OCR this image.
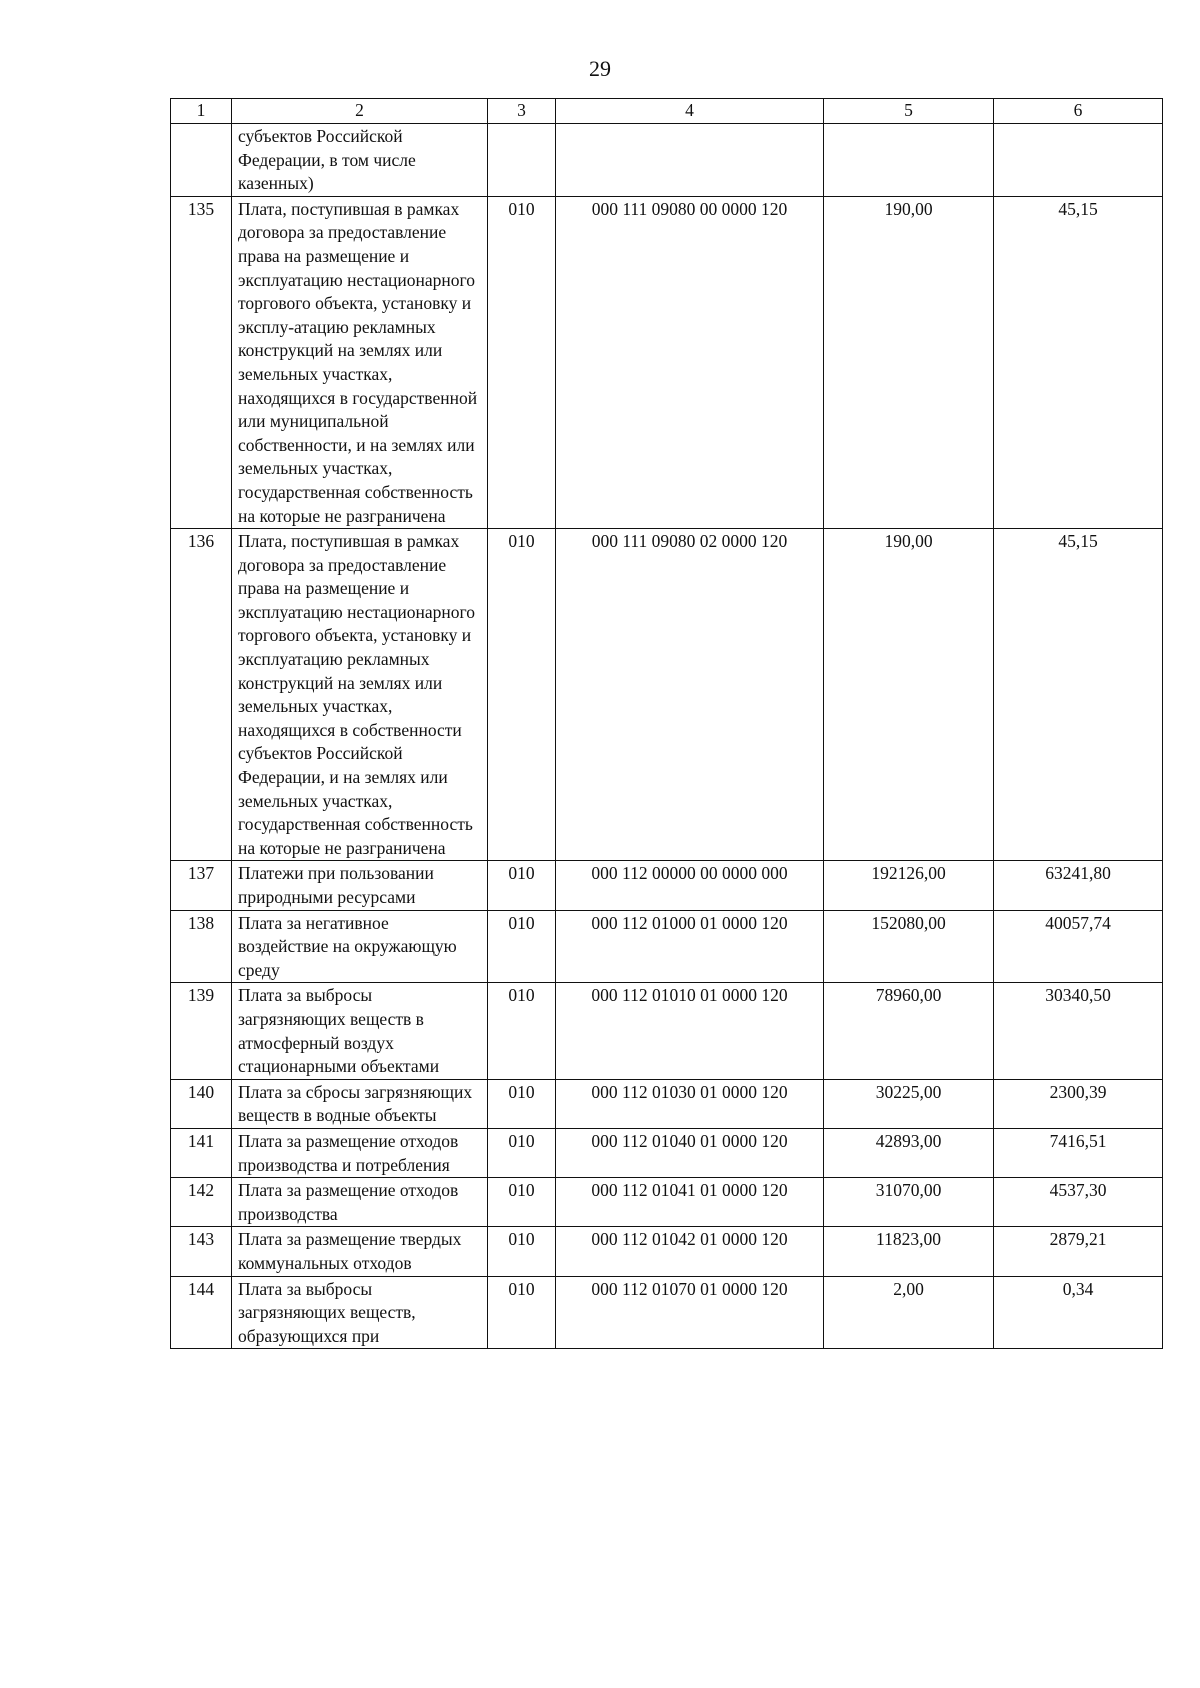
29
1	2	3	4	5	6
	субъектов Российской Федерации, в том числе казенных)				
135	Плата, поступившая в рамках договора за предоставление права на размещение и эксплуатацию нестационарного торгового объекта, установку и эксплу-атацию рекламных конструкций на землях или земельных участках, находящихся в государственной или муниципальной собственности, и на землях или земельных участках, государственная собственность на которые не разграничена	010	000 111 09080 00 0000 120	190,00	45,15
136	Плата, поступившая в рамках договора за предоставление права на размещение и эксплуатацию нестационарного торгового объекта, установку и эксплуатацию рекламных конструкций на землях или земельных участках, находящихся в собственности субъектов Российской Федерации, и на землях или земельных участках, государственная собственность на которые не разграничена	010	000 111 09080 02 0000 120	190,00	45,15
137	Платежи при пользовании природными ресурсами	010	000 112 00000 00 0000 000	192126,00	63241,80
138	Плата за негативное воздействие на окружающую среду	010	000 112 01000 01 0000 120	152080,00	40057,74
139	Плата за выбросы загрязняющих веществ в атмосферный воздух стационарными объектами	010	000 112 01010 01 0000 120	78960,00	30340,50
140	Плата за сбросы загрязняющих веществ в водные объекты	010	000 112 01030 01 0000 120	30225,00	2300,39
141	Плата за размещение отходов производства и потребления	010	000 112 01040 01 0000 120	42893,00	7416,51
142	Плата за размещение отходов производства	010	000 112 01041 01 0000 120	31070,00	4537,30
143	Плата за размещение твердых коммунальных отходов	010	000 112 01042 01 0000 120	11823,00	2879,21
144	Плата за выбросы загрязняющих веществ, образующихся при	010	000 112 01070 01 0000 120	2,00	0,34
